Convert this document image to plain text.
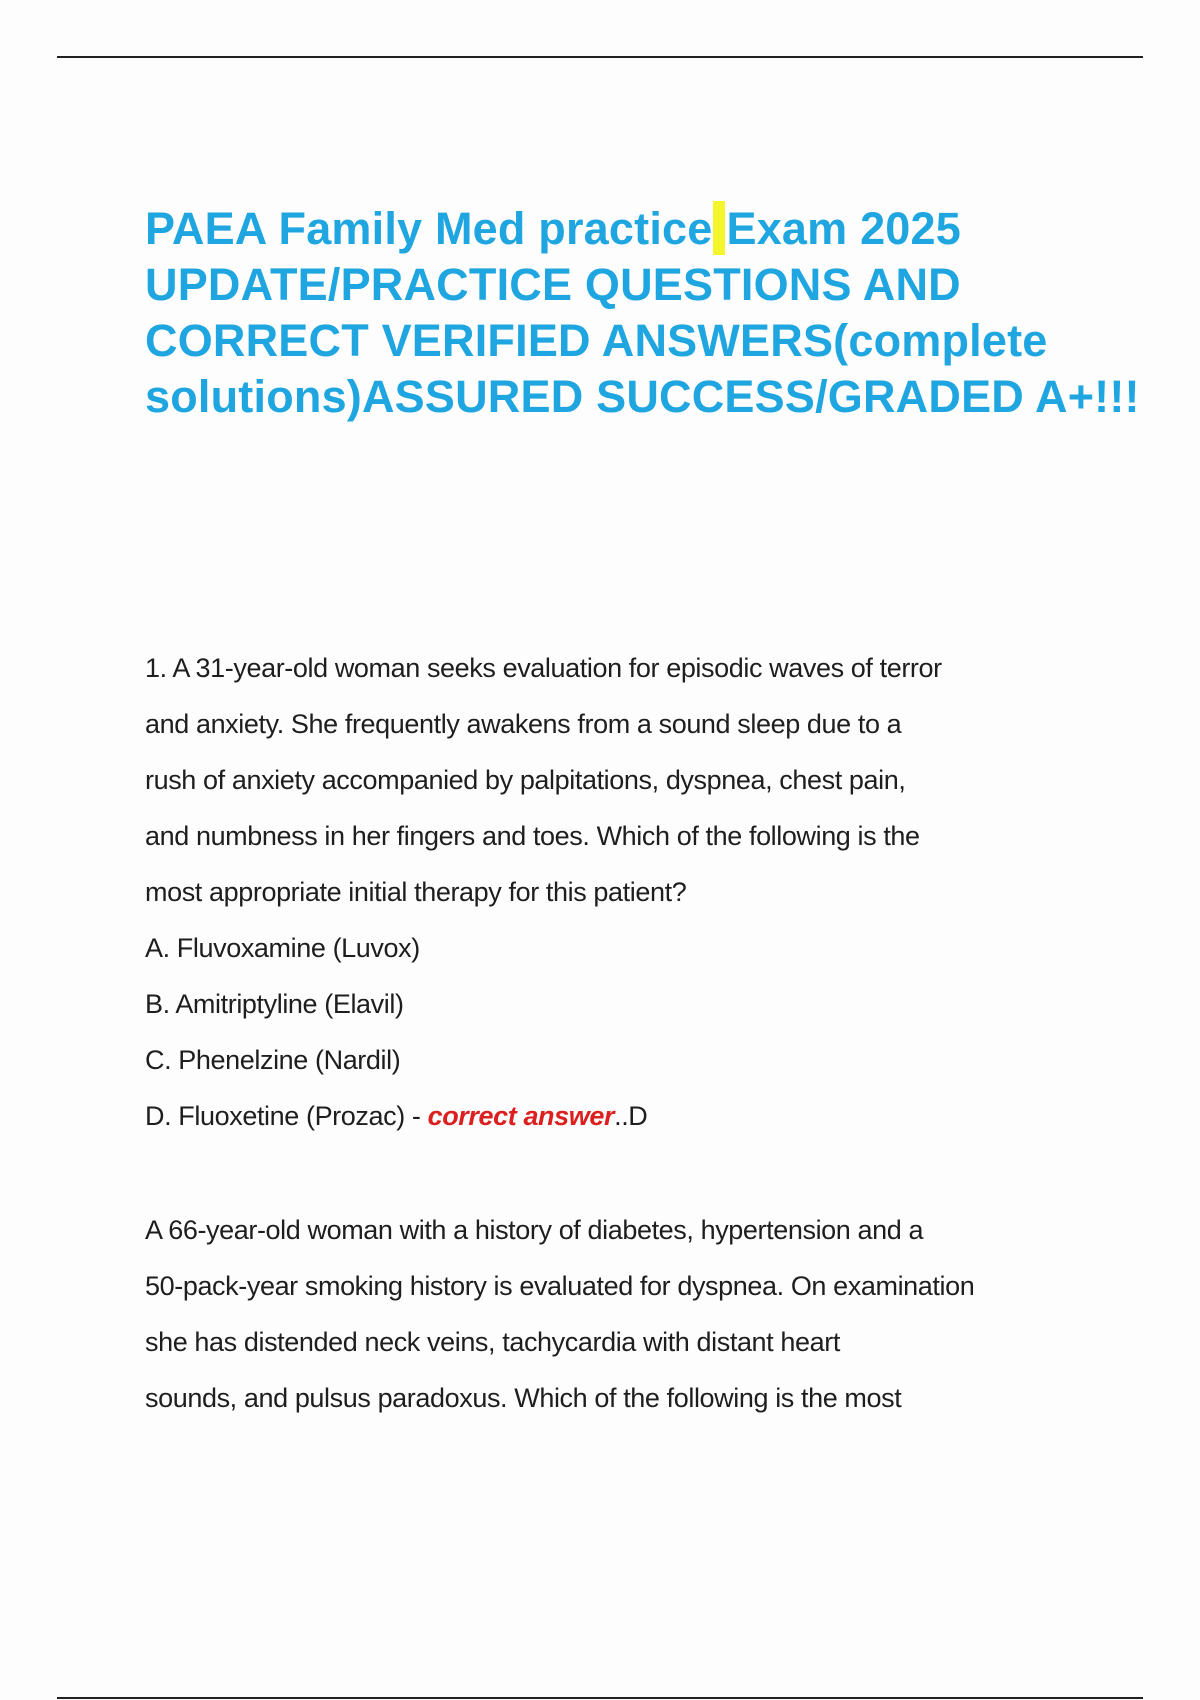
PAEA Family Med practice Exam 2025 UPDATE/PRACTICE QUESTIONS AND CORRECT VERIFIED ANSWERS(complete solutions)ASSURED SUCCESS/GRADED A+!!!
1. A 31-year-old woman seeks evaluation for episodic waves of terror
and anxiety. She frequently awakens from a sound sleep due to a
rush of anxiety accompanied by palpitations, dyspnea, chest pain,
and numbness in her fingers and toes. Which of the following is the
most appropriate initial therapy for this patient?
A. Fluvoxamine (Luvox)
B. Amitriptyline (Elavil)
C. Phenelzine (Nardil)
D. Fluoxetine (Prozac) - correct answer..D
A 66-year-old woman with a history of diabetes, hypertension and a
50-pack-year smoking history is evaluated for dyspnea. On examination
she has distended neck veins, tachycardia with distant heart
sounds, and pulsus paradoxus. Which of the following is the most
